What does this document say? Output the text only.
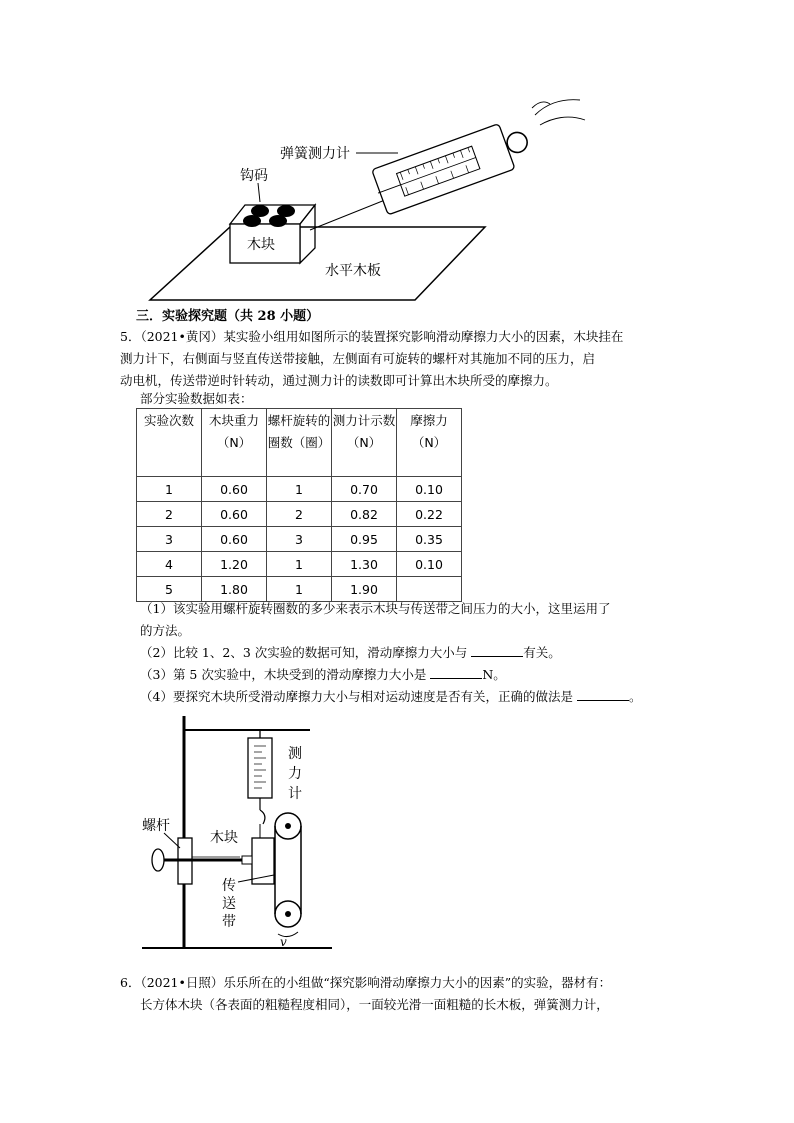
木块
钩码
弹簧测力计
水平木板
三．实验探究题（共 28 小题）
5．（2021•黄冈）某实验小组用如图所示的装置探究影响滑动摩擦力大小的因素，木块挂在
测力计下，右侧面与竖直传送带接触，左侧面有可旋转的螺杆对其施加不同的压力，启
动电机，传送带逆时针转动，通过测力计的读数即可计算出木块所受的摩擦力。
部分实验数据如表：
实验次数	木块重力（N）	螺杆旋转的圈数（圈）	测力计示数（N）	摩擦力（N）
1	0.60	1	0.70	0.10
2	0.60	2	0.82	0.22
3	0.60	3	0.95	0.35
4	1.20	1	1.30	0.10
5	1.80	1	1.90	
（1）该实验用螺杆旋转圈数的多少来表示木块与传送带之间压力的大小，这里运用了
的方法。
（2）比较 1、2、3 次实验的数据可知，滑动摩擦力大小与	有关。
（3）第 5 次实验中，木块受到的滑动摩擦力大小是	N。
（4）要探究木块所受滑动摩擦力大小与相对运动速度是否有关，正确的做法是	。
测
力
计
木块
螺杆
v
传
送
带
6．（2021•日照）乐乐所在的小组做“探究影响滑动摩擦力大小的因素”的实验，器材有：
长方体木块（各表面的粗糙程度相同），一面较光滑一面粗糙的长木板，弹簧测力计，
